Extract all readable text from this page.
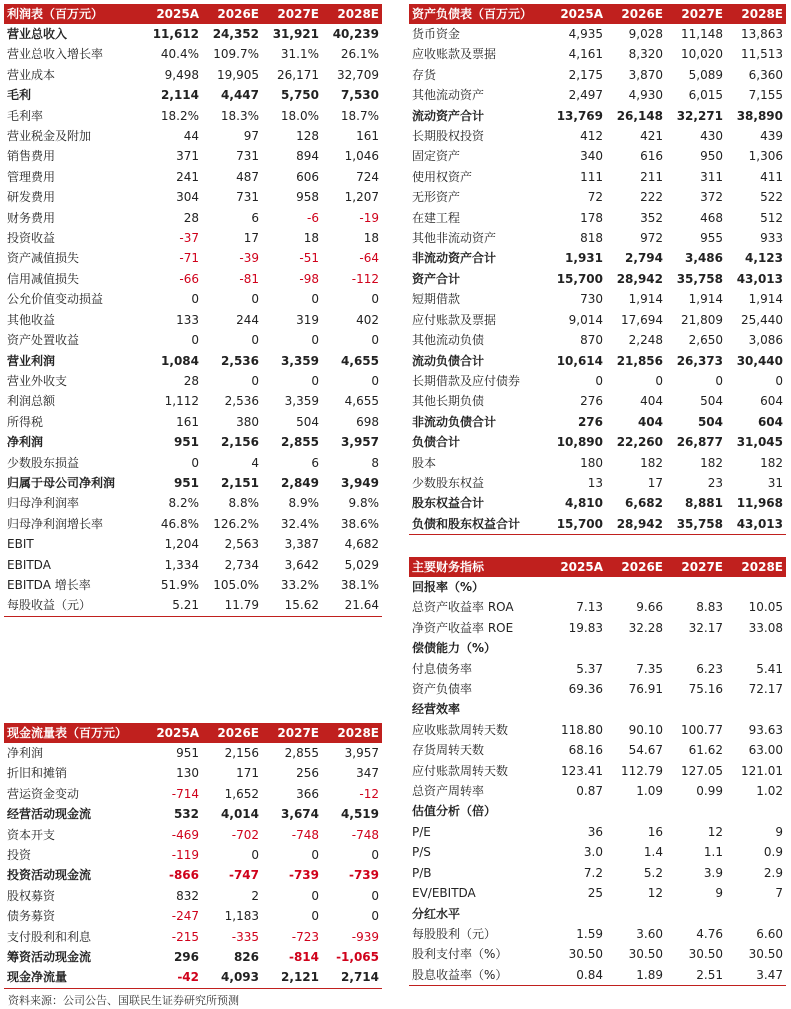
利润表（百万元）	2025A	2026E	2027E	2028E
营业总收入	11,612	24,352	31,921	40,239
营业总收入增长率	40.4%	109.7%	31.1%	26.1%
营业成本	9,498	19,905	26,171	32,709
毛利	2,114	4,447	5,750	7,530
毛利率	18.2%	18.3%	18.0%	18.7%
营业税金及附加	44	97	128	161
销售费用	371	731	894	1,046
管理费用	241	487	606	724
研发费用	304	731	958	1,207
财务费用	28	6	-6	-19
投资收益	-37	17	18	18
资产减值损失	-71	-39	-51	-64
信用减值损失	-66	-81	-98	-112
公允价值变动损益	0	0	0	0
其他收益	133	244	319	402
资产处置收益	0	0	0	0
营业利润	1,084	2,536	3,359	4,655
营业外收支	28	0	0	0
利润总额	1,112	2,536	3,359	4,655
所得税	161	380	504	698
净利润	951	2,156	2,855	3,957
少数股东损益	0	4	6	8
归属于母公司净利润	951	2,151	2,849	3,949
归母净利润率	8.2%	8.8%	8.9%	9.8%
归母净利润增长率	46.8%	126.2%	32.4%	38.6%
EBIT	1,204	2,563	3,387	4,682
EBITDA	1,334	2,734	3,642	5,029
EBITDA 增长率	51.9%	105.0%	33.2%	38.1%
每股收益（元）	5.21	11.79	15.62	21.64
资产负债表（百万元）	2025A	2026E	2027E	2028E
货币资金	4,935	9,028	11,148	13,863
应收账款及票据	4,161	8,320	10,020	11,513
存货	2,175	3,870	5,089	6,360
其他流动资产	2,497	4,930	6,015	7,155
流动资产合计	13,769	26,148	32,271	38,890
长期股权投资	412	421	430	439
固定资产	340	616	950	1,306
使用权资产	111	211	311	411
无形资产	72	222	372	522
在建工程	178	352	468	512
其他非流动资产	818	972	955	933
非流动资产合计	1,931	2,794	3,486	4,123
资产合计	15,700	28,942	35,758	43,013
短期借款	730	1,914	1,914	1,914
应付账款及票据	9,014	17,694	21,809	25,440
其他流动负债	870	2,248	2,650	3,086
流动负债合计	10,614	21,856	26,373	30,440
长期借款及应付债券	0	0	0	0
其他长期负债	276	404	504	604
非流动负债合计	276	404	504	604
负债合计	10,890	22,260	26,877	31,045
股本	180	182	182	182
少数股东权益	13	17	23	31
股东权益合计	4,810	6,682	8,881	11,968
负债和股东权益合计	15,700	28,942	35,758	43,013
主要财务指标	2025A	2026E	2027E	2028E
回报率（%）				
总资产收益率 ROA	7.13	9.66	8.83	10.05
净资产收益率 ROE	19.83	32.28	32.17	33.08
偿债能力（%）				
付息债务率	5.37	7.35	6.23	5.41
资产负债率	69.36	76.91	75.16	72.17
经营效率				
应收账款周转天数	118.80	90.10	100.77	93.63
存货周转天数	68.16	54.67	61.62	63.00
应付账款周转天数	123.41	112.79	127.05	121.01
总资产周转率	0.87	1.09	0.99	1.02
估值分析（倍）				
P/E	36	16	12	9
P/S	3.0	1.4	1.1	0.9
P/B	7.2	5.2	3.9	2.9
EV/EBITDA	25	12	9	7
分红水平				
每股股利（元）	1.59	3.60	4.76	6.60
股利支付率（%）	30.50	30.50	30.50	30.50
股息收益率（%）	0.84	1.89	2.51	3.47
现金流量表（百万元）	2025A	2026E	2027E	2028E
净利润	951	2,156	2,855	3,957
折旧和摊销	130	171	256	347
营运资金变动	-714	1,652	366	-12
经营活动现金流	532	4,014	3,674	4,519
资本开支	-469	-702	-748	-748
投资	-119	0	0	0
投资活动现金流	-866	-747	-739	-739
股权募资	832	2	0	0
债务募资	-247	1,183	0	0
支付股利和利息	-215	-335	-723	-939
筹资活动现金流	296	826	-814	-1,065
现金净流量	-42	4,093	2,121	2,714
资料来源：公司公告、国联民生证券研究所预测
